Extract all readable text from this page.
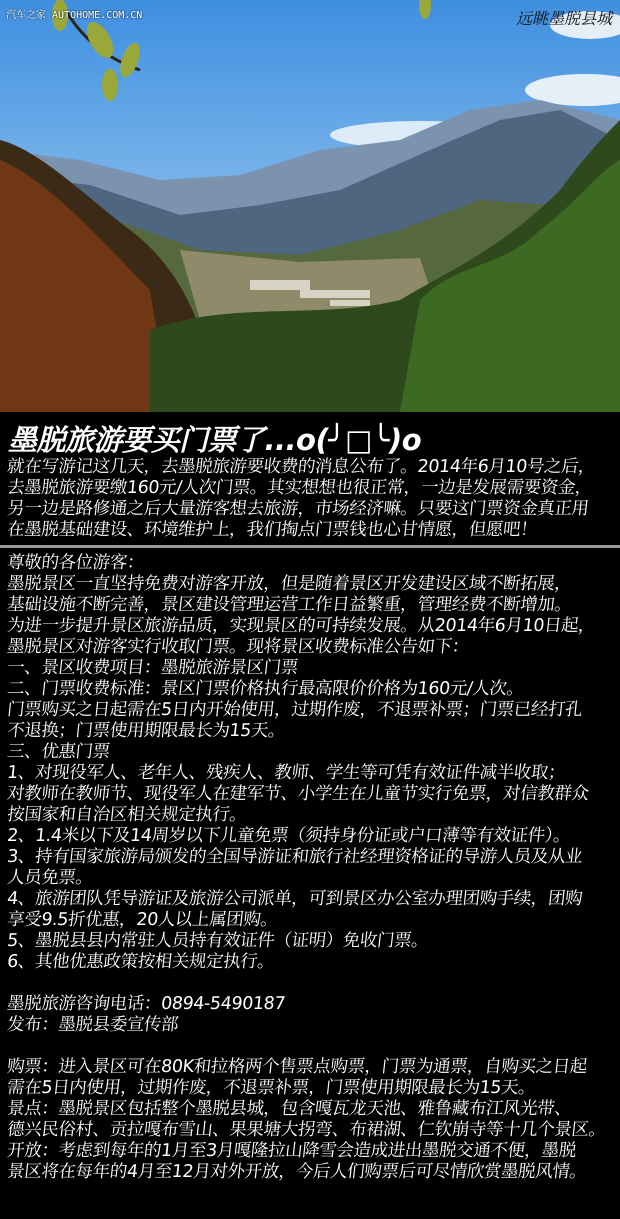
汽车之家 AUTOHOME.COM.CN	远眺墨脱县城
墨脱旅游要买门票了...o(╯□╰)o
就在写游记这几天，去墨脱旅游要收费的消息公布了。2014年6月10号之后，
去墨脱旅游要缴160元/人次门票。其实想想也很正常，一边是发展需要资金，
另一边是路修通之后大量游客想去旅游，市场经济嘛。只要这门票资金真正用
在墨脱基础建设、环境维护上，我们掏点门票钱也心甘情愿，但愿吧！
尊敬的各位游客：
墨脱景区一直坚持免费对游客开放，但是随着景区开发建设区域不断拓展，
基础设施不断完善，景区建设管理运营工作日益繁重，管理经费不断增加。
为进一步提升景区旅游品质，实现景区的可持续发展。从2014年6月10日起，
墨脱景区对游客实行收取门票。现将景区收费标准公告如下：
一、景区收费项目：墨脱旅游景区门票
二、门票收费标准：景区门票价格执行最高限价价格为160元/人次。
门票购买之日起需在5日内开始使用，过期作废，不退票补票；门票已经打孔
不退换；门票使用期限最长为15天。
三、优惠门票
1、对现役军人、老年人、残疾人、教师、学生等可凭有效证件减半收取；
对教师在教师节、现役军人在建军节、小学生在儿童节实行免票，对信教群众
按国家和自治区相关规定执行。
2、1.4米以下及14周岁以下儿童免票（须持身份证或户口薄等有效证件）。
3、持有国家旅游局颁发的全国导游证和旅行社经理资格证的导游人员及从业
人员免票。
4、旅游团队凭导游证及旅游公司派单，可到景区办公室办理团购手续，团购
享受9.5折优惠，20人以上属团购。
5、墨脱县县内常驻人员持有效证件（证明）免收门票。
6、其他优惠政策按相关规定执行。
墨脱旅游咨询电话：0894-5490187
发布：墨脱县委宣传部
购票：进入景区可在80K和拉格两个售票点购票，门票为通票，自购买之日起
需在5日内使用，过期作废，不退票补票，门票使用期限最长为15天。
景点：墨脱景区包括整个墨脱县城，包含嘎瓦龙天池、雅鲁藏布江风光带、
德兴民俗村、贡拉嘎布雪山、果果塘大拐弯、布裙湖、仁钦崩寺等十几个景区。
开放：考虑到每年的1月至3月嘎隆拉山降雪会造成进出墨脱交通不便，墨脱
景区将在每年的4月至12月对外开放，今后人们购票后可尽情欣赏墨脱风情。
